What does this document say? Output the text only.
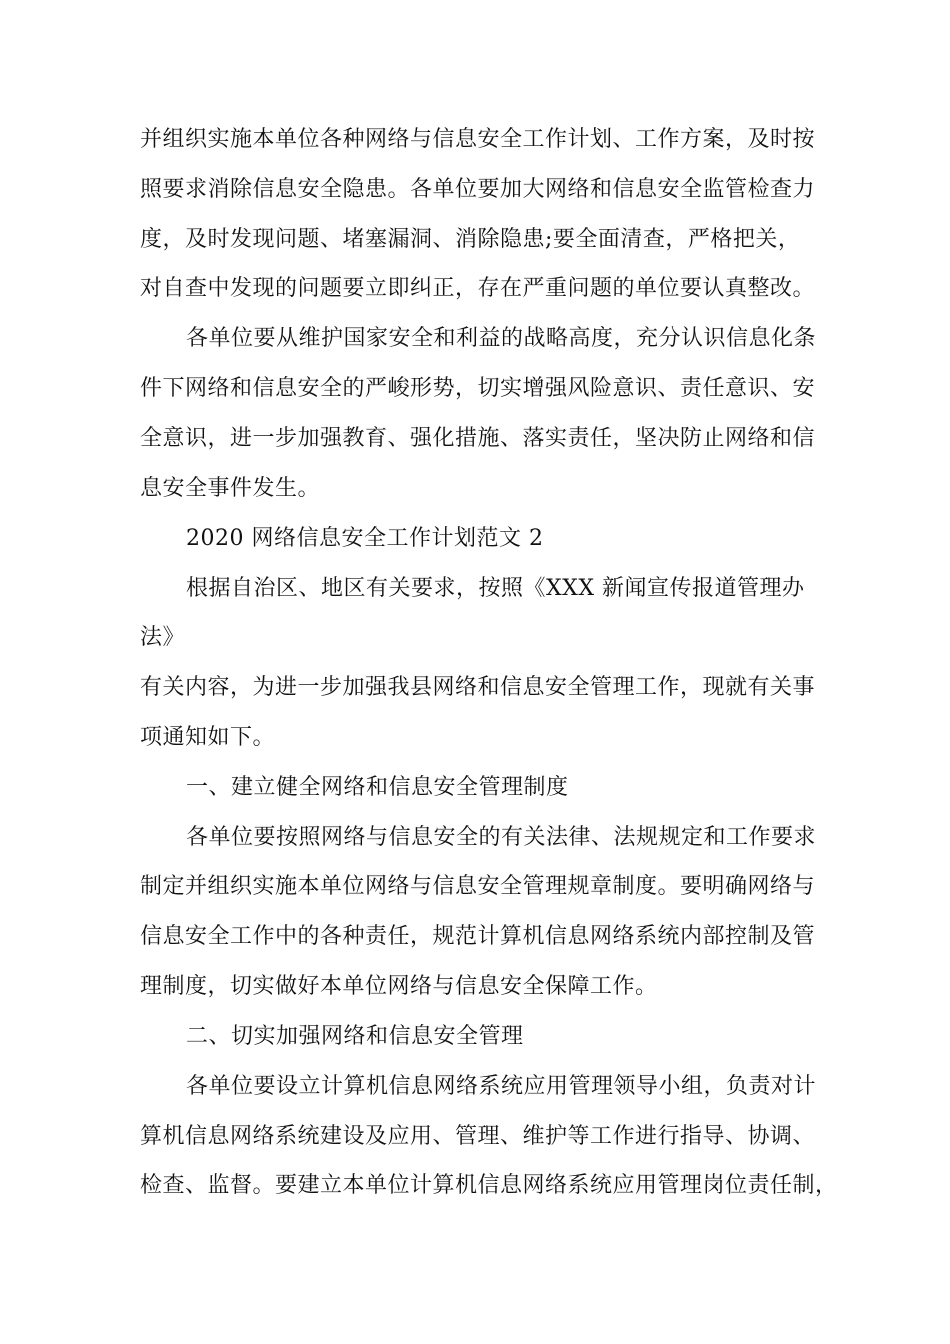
并组织实施本单位各种网络与信息安全工作计划、工作方案，及时按
照要求消除信息安全隐患。各单位要加大网络和信息安全监管检查力
度，及时发现问题、堵塞漏洞、消除隐患;要全面清查，严格把关，
对自查中发现的问题要立即纠正，存在严重问题的单位要认真整改。
各单位要从维护国家安全和利益的战略高度，充分认识信息化条
件下网络和信息安全的严峻形势，切实增强风险意识、责任意识、安
全意识，进一步加强教育、强化措施、落实责任，坚决防止网络和信
息安全事件发生。
2020 网络信息安全工作计划范文 2
根据自治区、地区有关要求，按照《XXX 新闻宣传报道管理办
法》
有关内容，为进一步加强我县网络和信息安全管理工作，现就有关事
项通知如下。
一、建立健全网络和信息安全管理制度
各单位要按照网络与信息安全的有关法律、法规规定和工作要求
制定并组织实施本单位网络与信息安全管理规章制度。要明确网络与
信息安全工作中的各种责任，规范计算机信息网络系统内部控制及管
理制度，切实做好本单位网络与信息安全保障工作。
二、切实加强网络和信息安全管理
各单位要设立计算机信息网络系统应用管理领导小组，负责对计
算机信息网络系统建设及应用、管理、维护等工作进行指导、协调、
检查、监督。要建立本单位计算机信息网络系统应用管理岗位责任制，
